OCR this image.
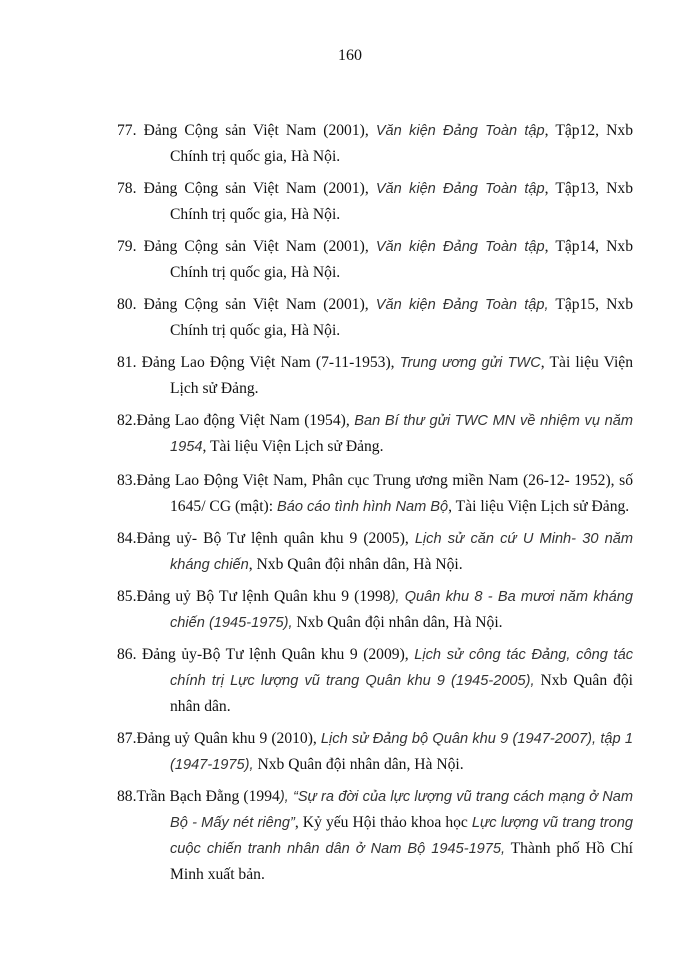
160
77. Đảng Cộng sản Việt Nam (2001), Văn kiện Đảng Toàn tập, Tập12, Nxb Chính trị quốc gia, Hà Nội.
78. Đảng Cộng sản Việt Nam (2001), Văn kiện Đảng Toàn tập, Tập13, Nxb Chính trị quốc gia, Hà Nội.
79. Đảng Cộng sản Việt Nam (2001), Văn kiện Đảng Toàn tập, Tập14, Nxb Chính trị quốc gia, Hà Nội.
80. Đảng Cộng sản Việt Nam (2001), Văn kiện Đảng Toàn tập, Tập15, Nxb Chính trị quốc gia, Hà Nội.
81. Đảng Lao Động Việt Nam (7-11-1953), Trung ương gửi TWC, Tài liệu Viện Lịch sử Đảng.
82.Đảng Lao động Việt Nam (1954), Ban Bí thư gửi TWC MN về nhiệm vụ năm 1954, Tài liệu Viện Lịch sử Đảng.
83.Đảng Lao Động Việt Nam, Phân cục Trung ương miền Nam (26-12- 1952), số 1645/ CG (mật): Báo cáo tình hình Nam Bộ, Tài liệu Viện Lịch sử Đảng.
84.Đảng uỷ- Bộ Tư lệnh quân khu 9 (2005), Lịch sử căn cứ U Minh- 30 năm kháng chiến, Nxb Quân đội nhân dân, Hà Nội.
85.Đảng uỷ Bộ Tư lệnh Quân khu 9 (1998), Quân khu 8 - Ba mươi năm kháng chiến (1945-1975), Nxb Quân đội nhân dân, Hà Nội.
86. Đảng ủy-Bộ Tư lệnh Quân khu 9 (2009), Lịch sử công tác Đảng, công tác chính trị Lực lượng vũ trang Quân khu 9 (1945-2005), Nxb Quân đội nhân dân.
87.Đảng uỷ Quân khu 9 (2010), Lịch sử Đảng bộ Quân khu 9 (1947-2007), tập 1 (1947-1975), Nxb Quân đội nhân dân, Hà Nội.
88.Trần Bạch Đằng (1994), “Sự ra đời của lực lượng vũ trang cách mạng ở Nam Bộ - Mấy nét riêng”, Kỷ yếu Hội thảo khoa học Lực lượng vũ trang trong cuộc chiến tranh nhân dân ở Nam Bộ 1945-1975, Thành phố Hồ Chí Minh xuất bản.
